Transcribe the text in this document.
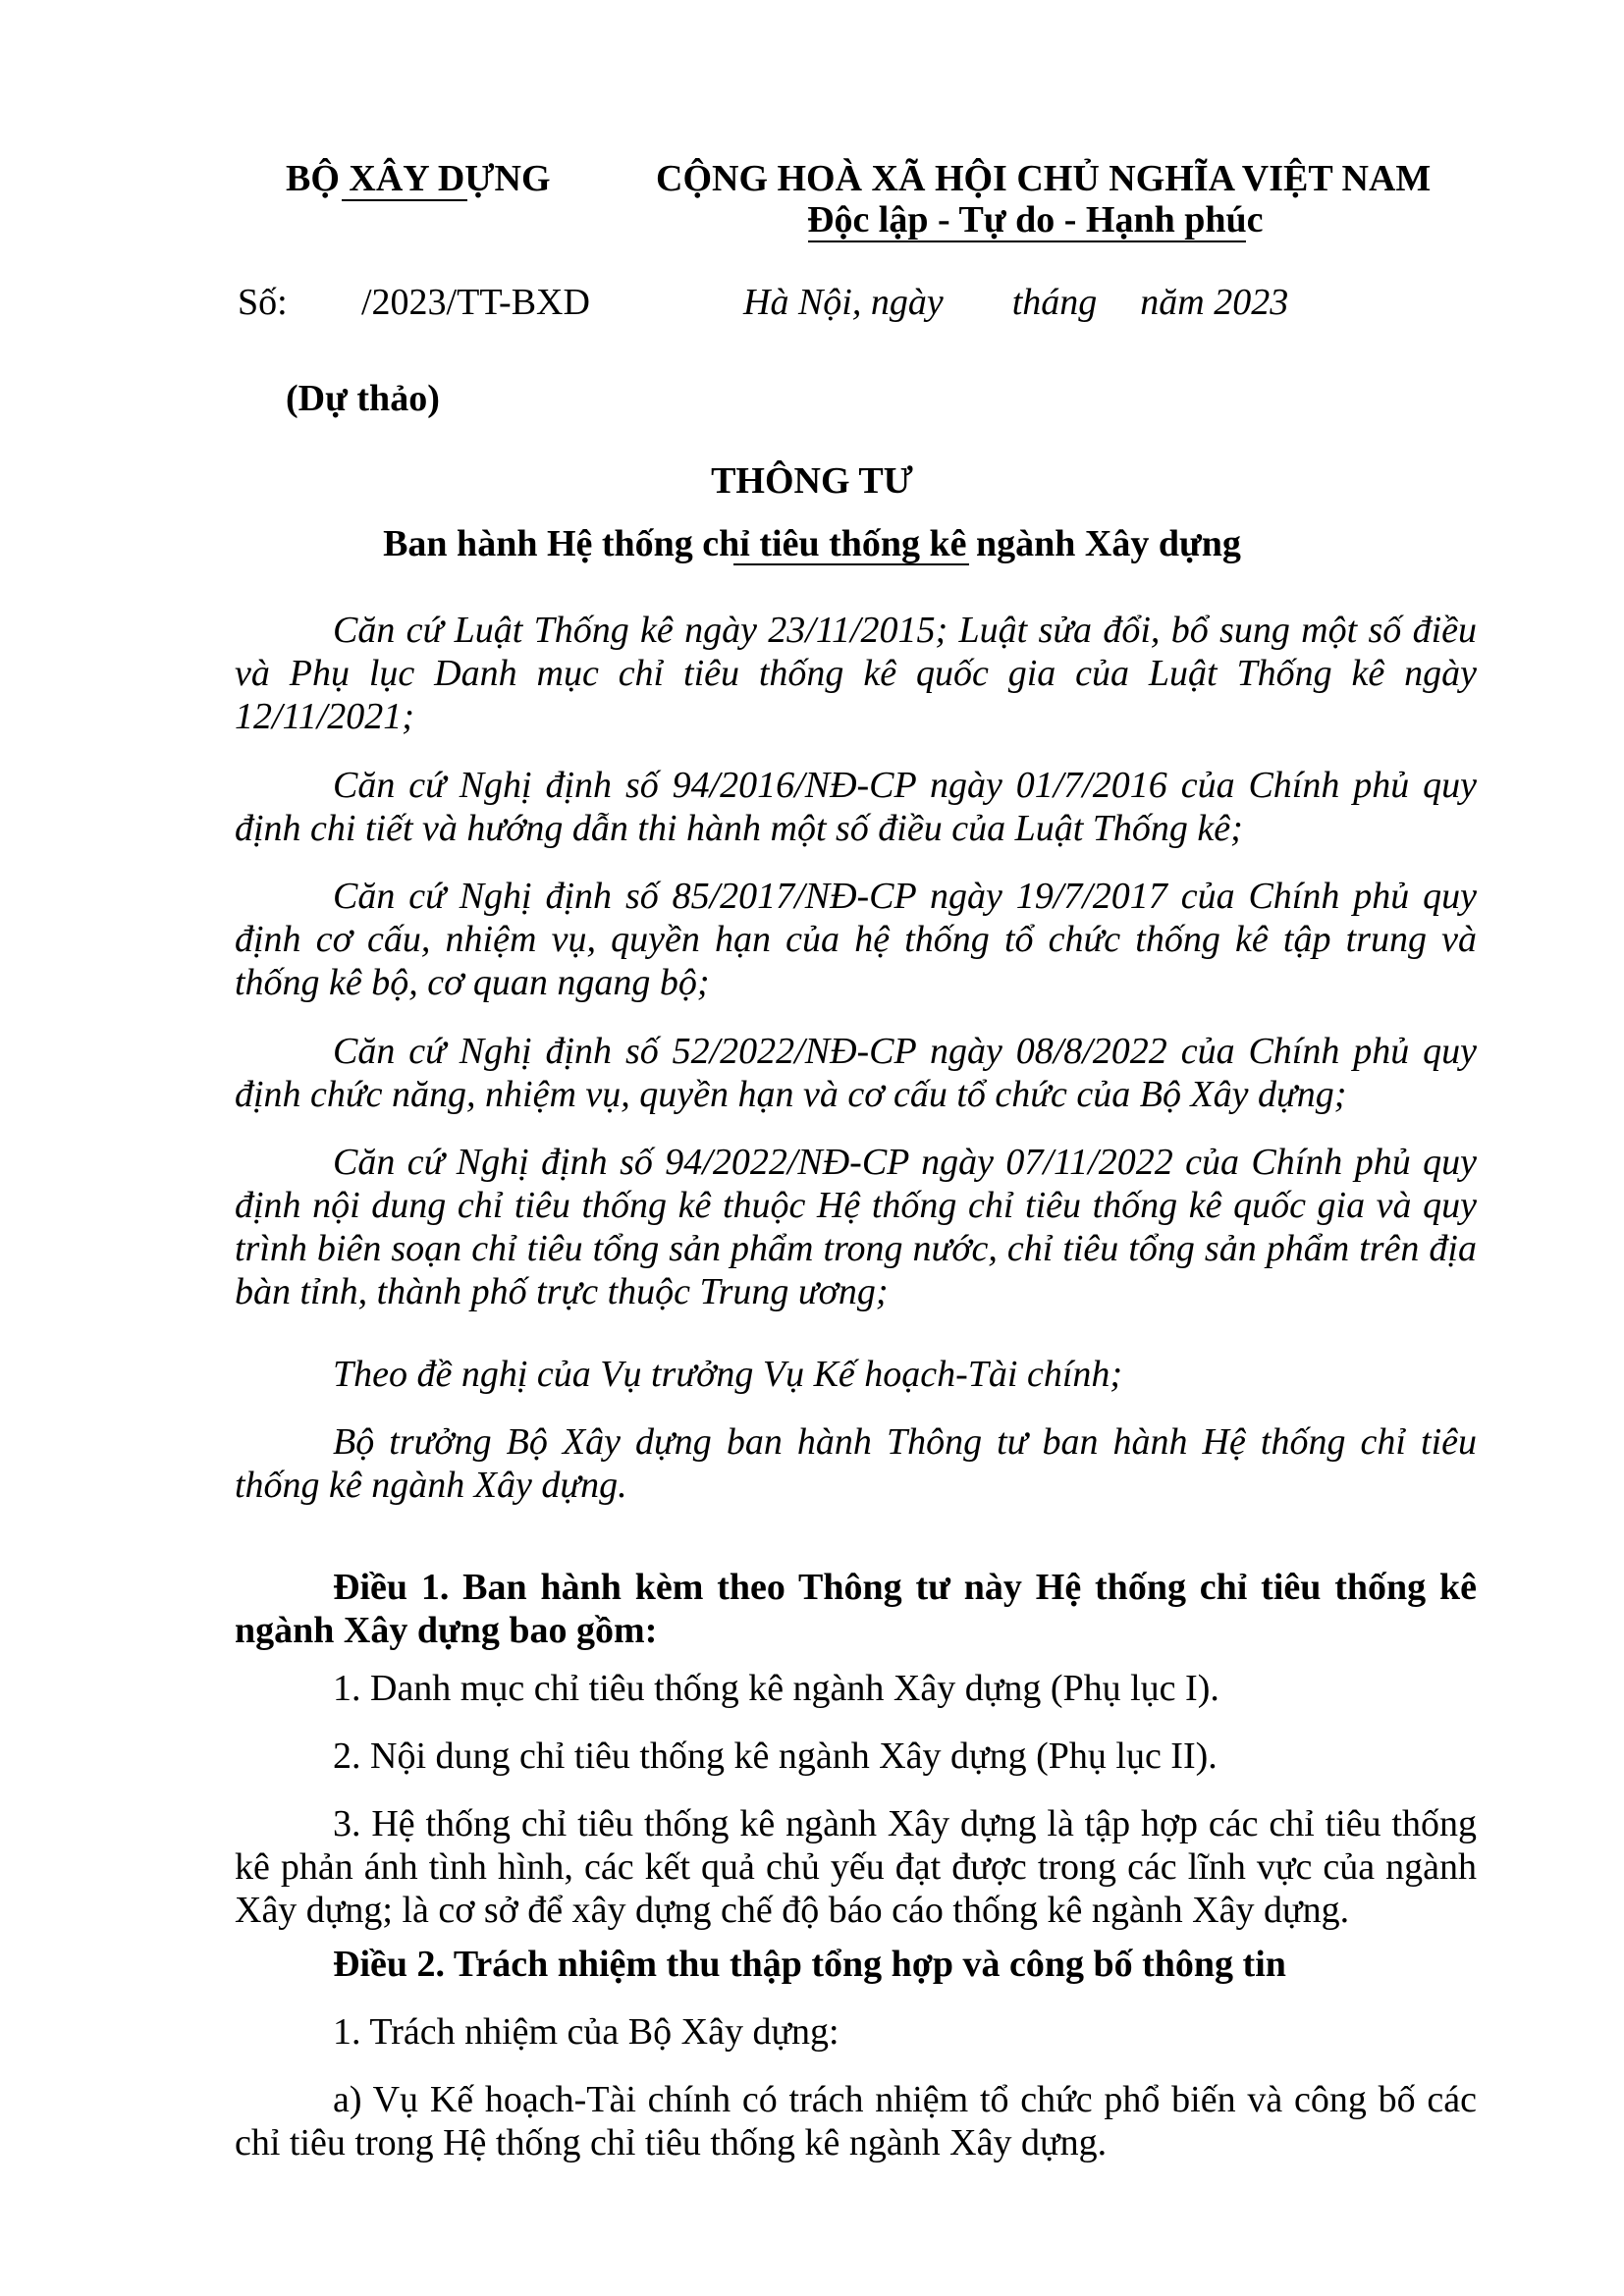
BỘ XÂY DỰNG	CỘNG HOÀ XÃ HỘI CHỦ NGHĨA VIỆT NAM
Độc lập - Tự do - Hạnh phúc
Số: /2023/TT-BXD	Hà Nội, ngày tháng năm 2023
(Dự thảo)
THÔNG TƯ
Ban hành Hệ thống chỉ tiêu thống kê ngành Xây dựng
Căn cứ Luật Thống kê ngày 23/11/2015; Luật sửa đổi, bổ sung một số điều và Phụ lục Danh mục chỉ tiêu thống kê quốc gia của Luật Thống kê ngày 12/11/2021;
Căn cứ Nghị định số 94/2016/NĐ-CP ngày 01/7/2016 của Chính phủ quy định chi tiết và hướng dẫn thi hành một số điều của Luật Thống kê;
Căn cứ Nghị định số 85/2017/NĐ-CP ngày 19/7/2017 của Chính phủ quy định cơ cấu, nhiệm vụ, quyền hạn của hệ thống tổ chức thống kê tập trung và thống kê bộ, cơ quan ngang bộ;
Căn cứ Nghị định số 52/2022/NĐ-CP ngày 08/8/2022 của Chính phủ quy định chức năng, nhiệm vụ, quyền hạn và cơ cấu tổ chức của Bộ Xây dựng;
Căn cứ Nghị định số 94/2022/NĐ-CP ngày 07/11/2022 của Chính phủ quy định nội dung chỉ tiêu thống kê thuộc Hệ thống chỉ tiêu thống kê quốc gia và quy trình biên soạn chỉ tiêu tổng sản phẩm trong nước, chỉ tiêu tổng sản phẩm trên địa bàn tỉnh, thành phố trực thuộc Trung ương;
Theo đề nghị của Vụ trưởng Vụ Kế hoạch-Tài chính;
Bộ trưởng Bộ Xây dựng ban hành Thông tư ban hành Hệ thống chỉ tiêu thống kê ngành Xây dựng.
Điều 1. Ban hành kèm theo Thông tư này Hệ thống chỉ tiêu thống kê ngành Xây dựng bao gồm:
1. Danh mục chỉ tiêu thống kê ngành Xây dựng (Phụ lục I).
2. Nội dung chỉ tiêu thống kê ngành Xây dựng (Phụ lục II).
3. Hệ thống chỉ tiêu thống kê ngành Xây dựng là tập hợp các chỉ tiêu thống kê phản ánh tình hình, các kết quả chủ yếu đạt được trong các lĩnh vực của ngành Xây dựng; là cơ sở để xây dựng chế độ báo cáo thống kê ngành Xây dựng.
Điều 2. Trách nhiệm thu thập tổng hợp và công bố thông tin
1. Trách nhiệm của Bộ Xây dựng:
a) Vụ Kế hoạch-Tài chính có trách nhiệm tổ chức phổ biến và công bố các chỉ tiêu trong Hệ thống chỉ tiêu thống kê ngành Xây dựng.
